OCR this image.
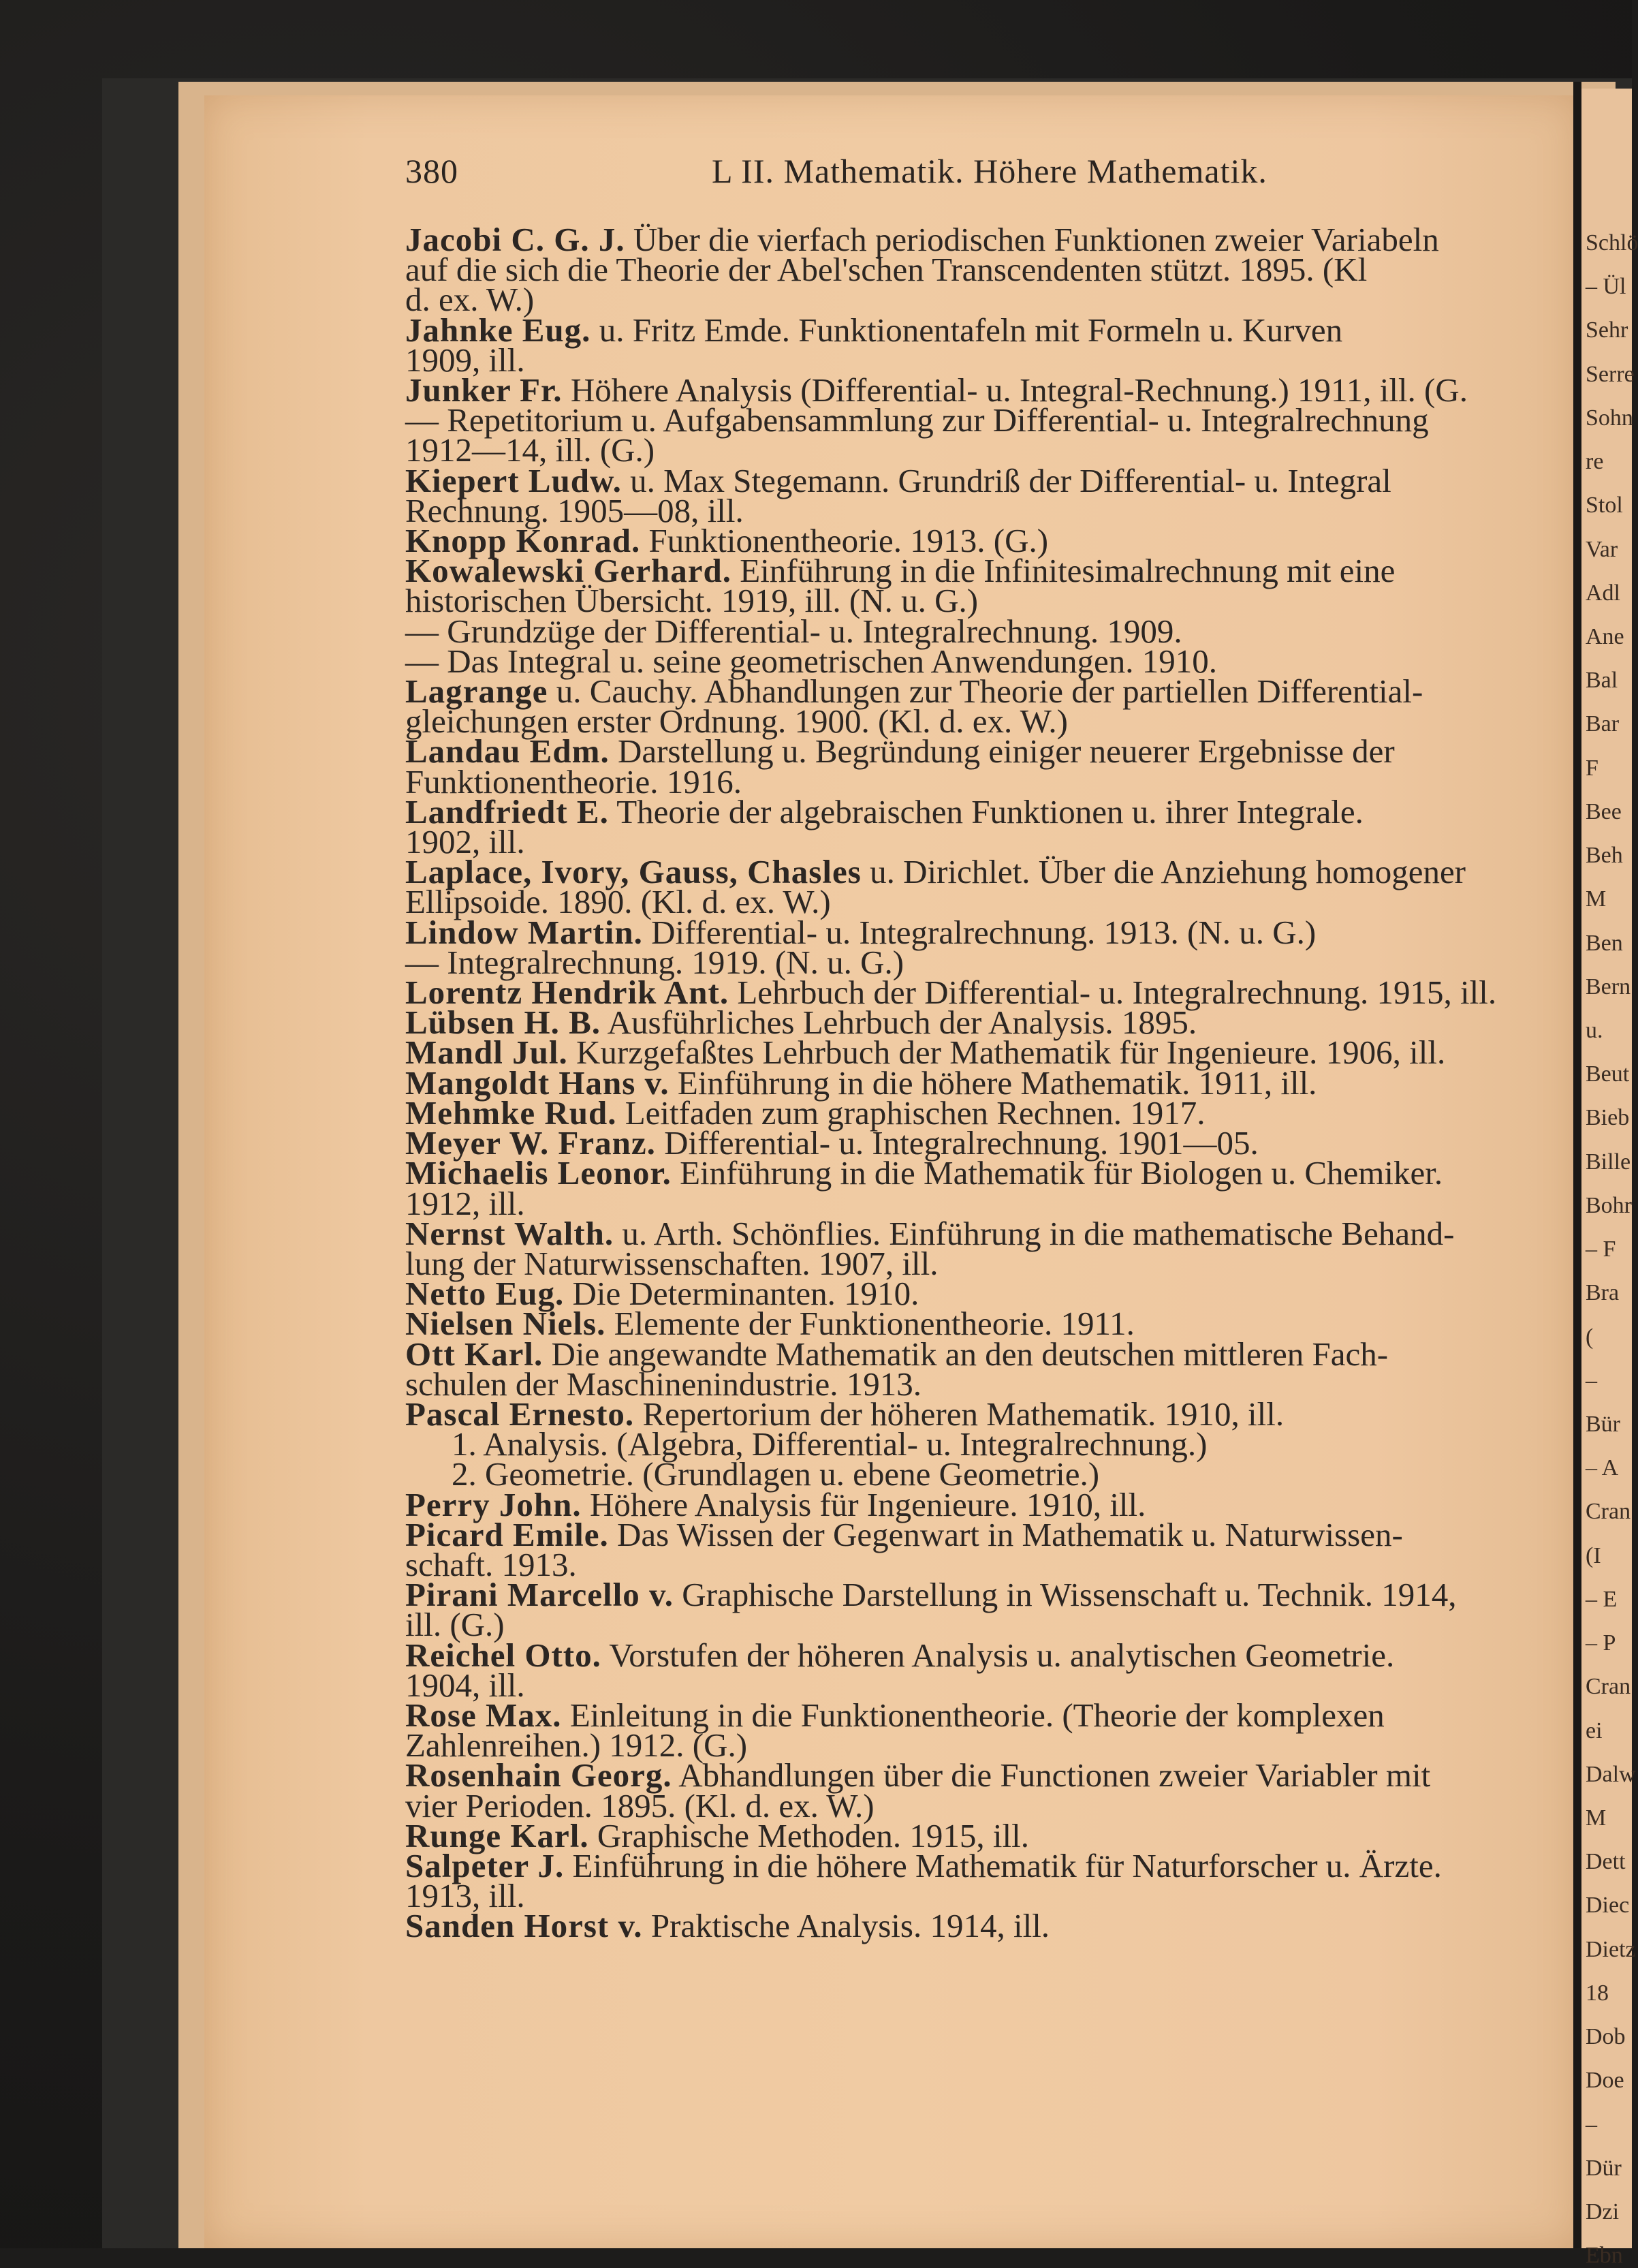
Schlö
– Ül
Sehr
Serre
Sohn
re
Stol
Var
Adl
Ane
Bal
Bar
F
Bee
Beh
M
Ben
Bern
u.
Beut
Bieb
Bille
Bohr
– F
Bra
(
–
Bür
– A
Cran
(I
– E
– P
Cran
ei
Dalw
M
Dett
Diec
Dietz
18
Dob
Doe
–
Dür
Dzi
Ebn
380	L II. Mathematik. Höhere Mathematik.

Jacobi C. G. J. Über die vierfach periodischen Funktionen zweier Variabeln
auf die sich die Theorie der Abel'schen Transcendenten stützt. 1895. (Kl
d. ex. W.)

Jahnke Eug. u. Fritz Emde. Funktionentafeln mit Formeln u. Kurven
1909, ill.

Junker Fr. Höhere Analysis (Differential- u. Integral-Rechnung.) 1911, ill. (G.
— Repetitorium u. Aufgabensammlung zur Differential- u. Integralrechnung
1912—14, ill. (G.)

Kiepert Ludw. u. Max Stegemann. Grundriß der Differential- u. Integral
Rechnung. 1905—08, ill.

Knopp Konrad. Funktionentheorie. 1913. (G.)

Kowalewski Gerhard. Einführung in die Infinitesimalrechnung mit eine
historischen Übersicht. 1919, ill. (N. u. G.)

— Grundzüge der Differential- u. Integralrechnung. 1909.

— Das Integral u. seine geometrischen Anwendungen. 1910.

Lagrange u. Cauchy. Abhandlungen zur Theorie der partiellen Differential-
gleichungen erster Ordnung. 1900. (Kl. d. ex. W.)

Landau Edm. Darstellung u. Begründung einiger neuerer Ergebnisse der
Funktionentheorie. 1916.

Landfriedt E. Theorie der algebraischen Funktionen u. ihrer Integrale.
1902, ill.

Laplace, Ivory, Gauss, Chasles u. Dirichlet. Über die Anziehung homogener
Ellipsoide. 1890. (Kl. d. ex. W.)

Lindow Martin. Differential- u. Integralrechnung. 1913. (N. u. G.)

— Integralrechnung. 1919. (N. u. G.)

Lorentz Hendrik Ant. Lehrbuch der Differential- u. Integralrechnung. 1915, ill.

Lübsen H. B. Ausführliches Lehrbuch der Analysis. 1895.

Mandl Jul. Kurzgefaßtes Lehrbuch der Mathematik für Ingenieure. 1906, ill.

Mangoldt Hans v. Einführung in die höhere Mathematik. 1911, ill.

Mehmke Rud. Leitfaden zum graphischen Rechnen. 1917.

Meyer W. Franz. Differential- u. Integralrechnung. 1901—05.

Michaelis Leonor. Einführung in die Mathematik für Biologen u. Chemiker.
1912, ill.

Nernst Walth. u. Arth. Schönflies. Einführung in die mathematische Behand-
lung der Naturwissenschaften. 1907, ill.

Netto Eug. Die Determinanten. 1910.

Nielsen Niels. Elemente der Funktionentheorie. 1911.

Ott Karl. Die angewandte Mathematik an den deutschen mittleren Fach-
schulen der Maschinenindustrie. 1913.

Pascal Ernesto. Repertorium der höheren Mathematik. 1910, ill.
1. Analysis. (Algebra, Differential- u. Integralrechnung.)
2. Geometrie. (Grundlagen u. ebene Geometrie.)

Perry John. Höhere Analysis für Ingenieure. 1910, ill.

Picard Emile. Das Wissen der Gegenwart in Mathematik u. Naturwissen-
schaft. 1913.

Pirani Marcello v. Graphische Darstellung in Wissenschaft u. Technik. 1914,
ill. (G.)

Reichel Otto. Vorstufen der höheren Analysis u. analytischen Geometrie.
1904, ill.

Rose Max. Einleitung in die Funktionentheorie. (Theorie der komplexen
Zahlenreihen.) 1912. (G.)

Rosenhain Georg. Abhandlungen über die Functionen zweier Variabler mit
vier Perioden. 1895. (Kl. d. ex. W.)

Runge Karl. Graphische Methoden. 1915, ill.

Salpeter J. Einführung in die höhere Mathematik für Naturforscher u. Ärzte.
1913, ill.

Sanden Horst v. Praktische Analysis. 1914, ill.
